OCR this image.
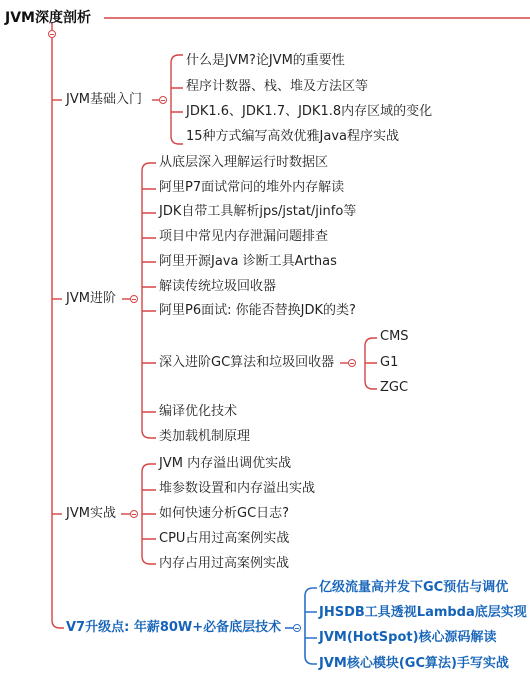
JVM深度剖析
JVM基础入门
什么是JVM?论JVM的重要性
程序计数器、栈、堆及方法区等
JDK1.6、JDK1.7、JDK1.8内存区域的变化
15种方式编写高效优雅Java程序实战
JVM进阶
从底层深入理解运行时数据区
阿里P7面试常问的堆外内存解读
JDK自带工具解析jps/jstat/jinfo等
项目中常见内存泄漏问题排查
阿里开源Java 诊断工具Arthas
解读传统垃圾回收器
阿里P6面试: 你能否替换JDK的类?
深入进阶GC算法和垃圾回收器
编译优化技术
类加载机制原理
CMS
G1
ZGC
JVM实战
JVM 内存溢出调优实战
堆参数设置和内存溢出实战
如何快速分析GC日志?
CPU占用过高案例实战
内存占用过高案例实战
V7升级点: 年薪80W+必备底层技术
亿级流量高并发下GC预估与调优
JHSDB工具透视Lambda底层实现
JVM(HotSpot)核心源码解读
JVM核心模块(GC算法)手写实战
